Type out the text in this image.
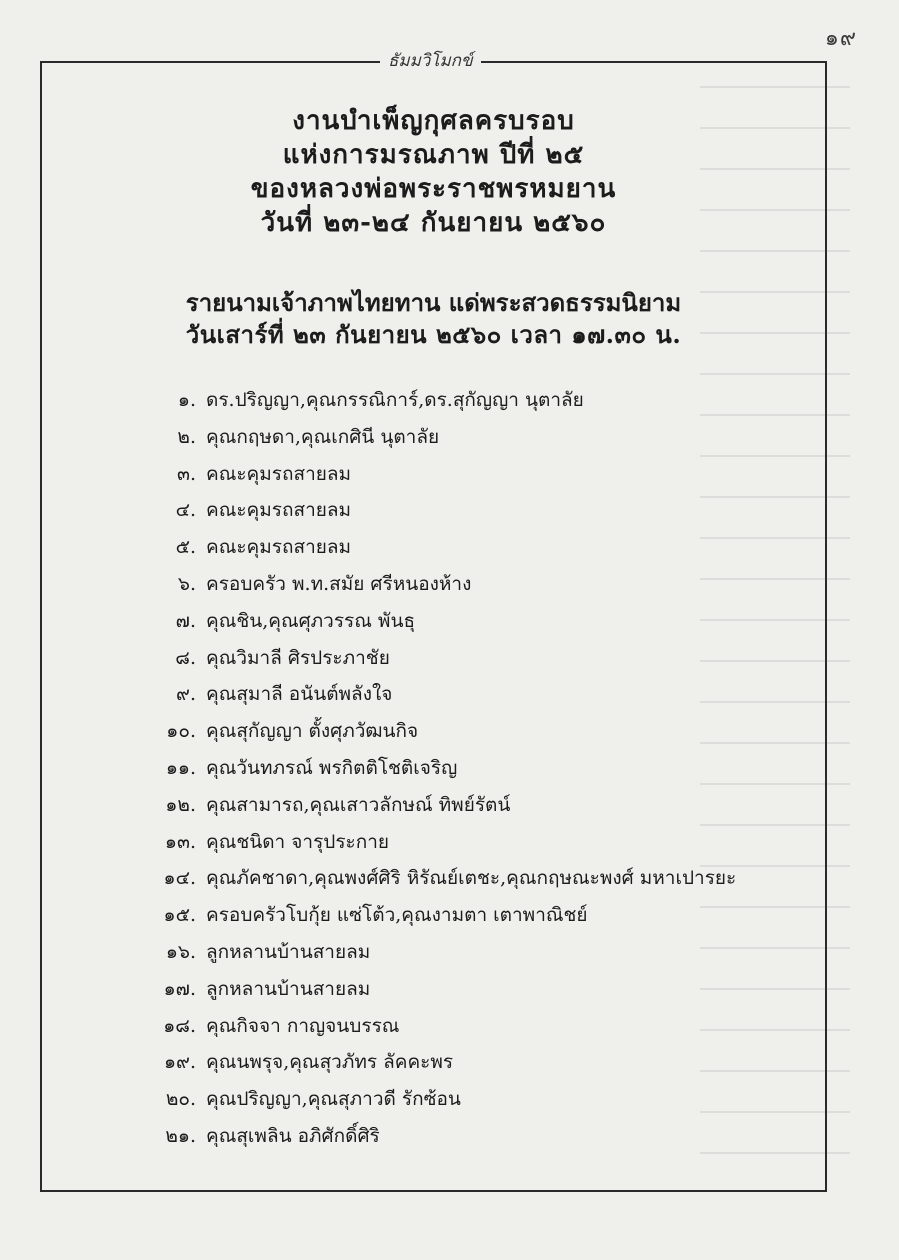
๑๙
ธัมมวิโมกข์

งานบำเพ็ญกุศลครบรอบ

แห่งการมรณภาพ ปีที่ ๒๕

ของหลวงพ่อพระราชพรหมยาน

วันที่ ๒๓-๒๔ กันยายน ๒๕๖๐

รายนามเจ้าภาพไทยทาน แด่พระสวดธรรมนิยาม
วันเสาร์ที่ ๒๓ กันยายน ๒๕๖๐ เวลา ๑๗.๓๐ น.
๑. ดร.ปริญญา,คุณกรรณิการ์,ดร.สุกัญญา นุตาลัย
๒. คุณกฤษดา,คุณเกศินี นุตาลัย
๓. คณะคุมรถสายลม
๔. คณะคุมรถสายลม
๕. คณะคุมรถสายลม
๖. ครอบครัว พ.ท.สมัย ศรีหนองห้าง
๗. คุณชิน,คุณศุภวรรณ พันธุ
๘. คุณวิมาลี ศิรประภาชัย
๙. คุณสุมาลี อนันต์พลังใจ
๑๐. คุณสุกัญญา ตั้งศุภวัฒนกิจ
๑๑. คุณวันทภรณ์ พรกิตติโชติเจริญ
๑๒. คุณสามารถ,คุณเสาวลักษณ์ ทิพย์รัตน์
๑๓. คุณชนิดา จารุประกาย
๑๔. คุณภัคชาดา,คุณพงศ์ศิริ หิรัณย์เตชะ,คุณกฤษณะพงศ์ มหาเปารยะ
๑๕. ครอบครัวโบกุ้ย แซ่โต้ว,คุณงามตา เตาพาณิชย์
๑๖. ลูกหลานบ้านสายลม
๑๗. ลูกหลานบ้านสายลม
๑๘. คุณกิจจา กาญจนบรรณ
๑๙. คุณนพรุจ,คุณสุวภัทร ลัคคะพร
๒๐. คุณปริญญา,คุณสุภาวดี รักซ้อน
๒๑. คุณสุเพลิน อภิศักดิ์ศิริ
